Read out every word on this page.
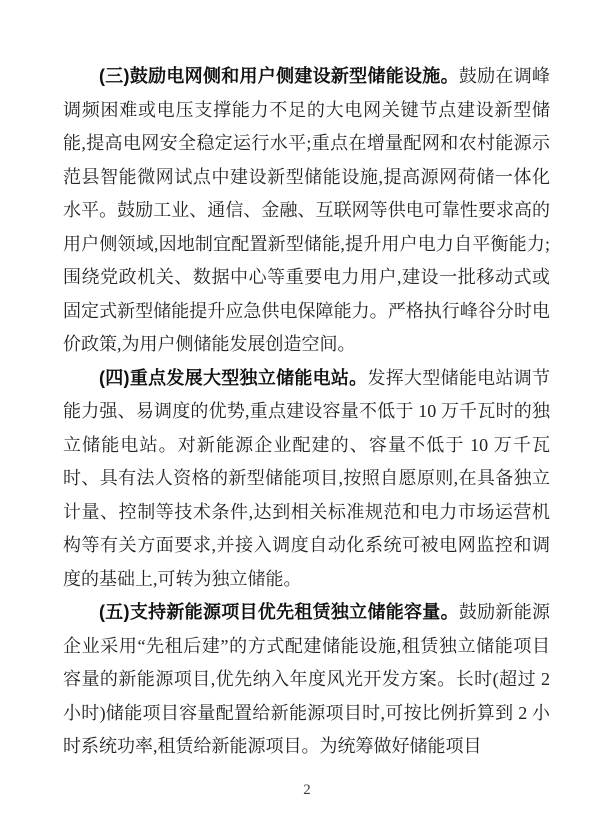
(三)鼓励电网侧和用户侧建设新型储能设施。鼓励在调峰调频困难或电压支撑能力不足的大电网关键节点建设新型储能,提高电网安全稳定运行水平;重点在增量配网和农村能源示范县智能微网试点中建设新型储能设施,提高源网荷储一体化水平。鼓励工业、通信、金融、互联网等供电可靠性要求高的用户侧领域,因地制宜配置新型储能,提升用户电力自平衡能力;围绕党政机关、数据中心等重要电力用户,建设一批移动式或固定式新型储能提升应急供电保障能力。严格执行峰谷分时电价政策,为用户侧储能发展创造空间。

(四)重点发展大型独立储能电站。发挥大型储能电站调节能力强、易调度的优势,重点建设容量不低于 10 万千瓦时的独立储能电站。对新能源企业配建的、容量不低于 10 万千瓦时、具有法人资格的新型储能项目,按照自愿原则,在具备独立计量、控制等技术条件,达到相关标准规范和电力市场运营机构等有关方面要求,并接入调度自动化系统可被电网监控和调度的基础上,可转为独立储能。

(五)支持新能源项目优先租赁独立储能容量。鼓励新能源企业采用“先租后建”的方式配建储能设施,租赁独立储能项目容量的新能源项目,优先纳入年度风光开发方案。长时(超过 2 小时)储能项目容量配置给新能源项目时,可按比例折算到 2 小时系统功率,租赁给新能源项目。为统筹做好储能项目

2
